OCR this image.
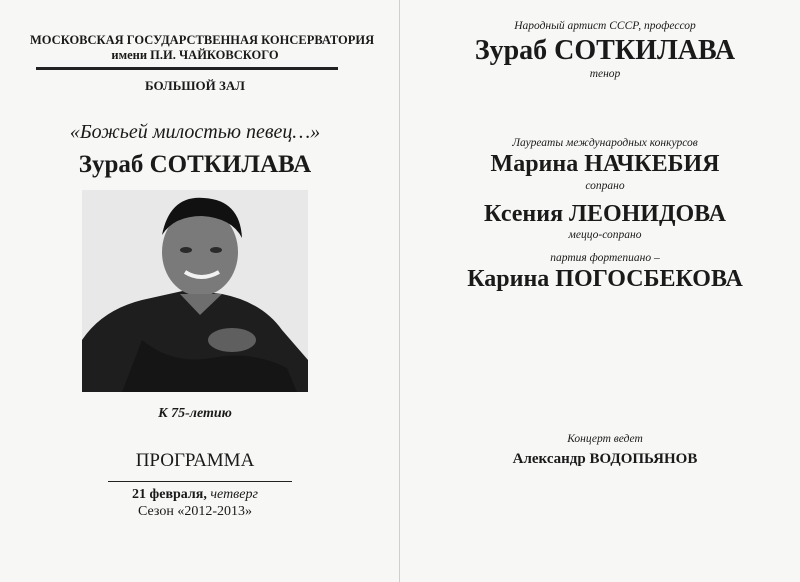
МОСКОВСКАЯ ГОСУДАРСТВЕННАЯ КОНСЕРВАТОРИЯ
имени П.И. ЧАЙКОВСКОГО
БОЛЬШОЙ ЗАЛ
«Божьей милостью певец…»
Зураб СОТКИЛАВА
К 75-летию
ПРОГРАММА
21 февраля, четверг
Сезон «2012-2013»
Народный артист СССР, профессор
Зураб СОТКИЛАВА
тенор
Лауреаты международных конкурсов
Марина НАЧКЕБИЯ
сопрано
Ксения ЛЕОНИДОВА
меццо-сопрано
партия фортепиано –
Карина ПОГОСБЕКОВА
Концерт ведет
Александр ВОДОПЬЯНОВ
